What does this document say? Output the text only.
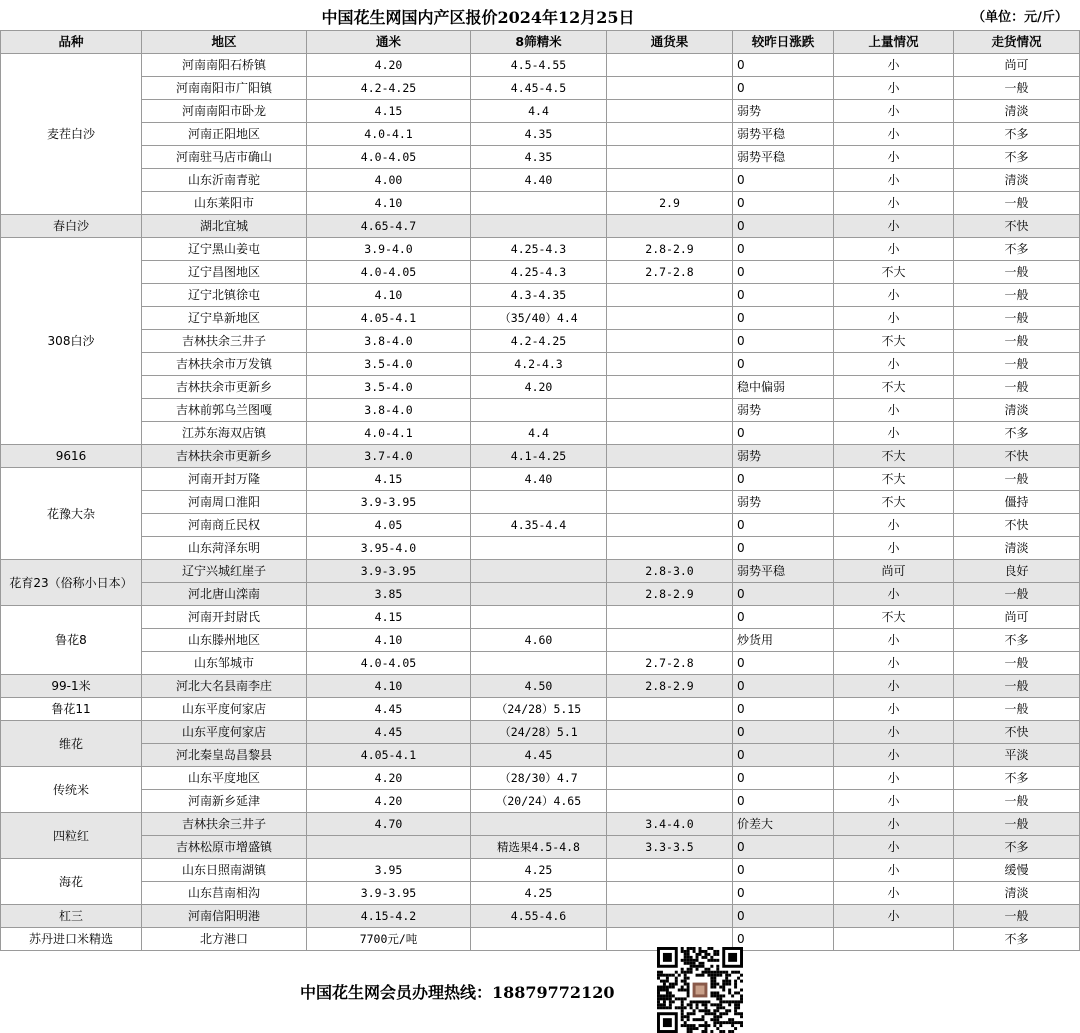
中国花生网国内产区报价2024年12月25日	（单位：元/斤）
品种	地区	通米	8筛精米	通货果	较昨日涨跌	上量情况	走货情况
麦茬白沙	河南南阳石桥镇	4.20	4.5-4.55		0	小	尚可
	河南南阳市广阳镇	4.2-4.25	4.45-4.5		0	小	一般
	河南南阳市卧龙	4.15	4.4		弱势	小	清淡
	河南正阳地区	4.0-4.1	4.35		弱势平稳	小	不多
	河南驻马店市确山	4.0-4.05	4.35		弱势平稳	小	不多
	山东沂南青驼	4.00	4.40		0	小	清淡
	山东莱阳市	4.10		2.9	0	小	一般
春白沙	湖北宜城	4.65-4.7			0	小	不快
308白沙	辽宁黑山姜屯	3.9-4.0	4.25-4.3	2.8-2.9	0	小	不多
	辽宁昌图地区	4.0-4.05	4.25-4.3	2.7-2.8	0	不大	一般
	辽宁北镇徐屯	4.10	4.3-4.35		0	小	一般
	辽宁阜新地区	4.05-4.1	（35/40）4.4		0	小	一般
	吉林扶余三井子	3.8-4.0	4.2-4.25		0	不大	一般
	吉林扶余市万发镇	3.5-4.0	4.2-4.3		0	小	一般
	吉林扶余市更新乡	3.5-4.0	4.20		稳中偏弱	不大	一般
	吉林前郭乌兰图嘎	3.8-4.0			弱势	小	清淡
	江苏东海双店镇	4.0-4.1	4.4		0	小	不多
9616	吉林扶余市更新乡	3.7-4.0	4.1-4.25		弱势	不大	不快
花豫大杂	河南开封万隆	4.15	4.40		0	不大	一般
	河南周口淮阳	3.9-3.95			弱势	不大	僵持
	河南商丘民权	4.05	4.35-4.4		0	小	不快
	山东菏泽东明	3.95-4.0			0	小	清淡
花育23（俗称小日本）	辽宁兴城红崖子	3.9-3.95		2.8-3.0	弱势平稳	尚可	良好
	河北唐山滦南	3.85		2.8-2.9	0	小	一般
鲁花8	河南开封尉氏	4.15			0	不大	尚可
	山东滕州地区	4.10	4.60		炒货用	小	不多
	山东邹城市	4.0-4.05		2.7-2.8	0	小	一般
99-1米	河北大名县南李庄	4.10	4.50	2.8-2.9	0	小	一般
鲁花11	山东平度何家店	4.45	（24/28）5.15		0	小	一般
维花	山东平度何家店	4.45	（24/28）5.1		0	小	不快
	河北秦皇岛昌黎县	4.05-4.1	4.45		0	小	平淡
传统米	山东平度地区	4.20	（28/30）4.7		0	小	不多
	河南新乡延津	4.20	（20/24）4.65		0	小	一般
四粒红	吉林扶余三井子	4.70		3.4-4.0	价差大	小	一般
	吉林松原市增盛镇		精选果4.5-4.8	3.3-3.5	0	小	不多
海花	山东日照南湖镇	3.95	4.25		0	小	缓慢
	山东莒南相沟	3.9-3.95	4.25		0	小	清淡
杠三	河南信阳明港	4.15-4.2	4.55-4.6		0	小	一般
苏丹进口米精选	北方港口	7700元/吨			0		不多
中国花生网会员办理热线：18879772120
